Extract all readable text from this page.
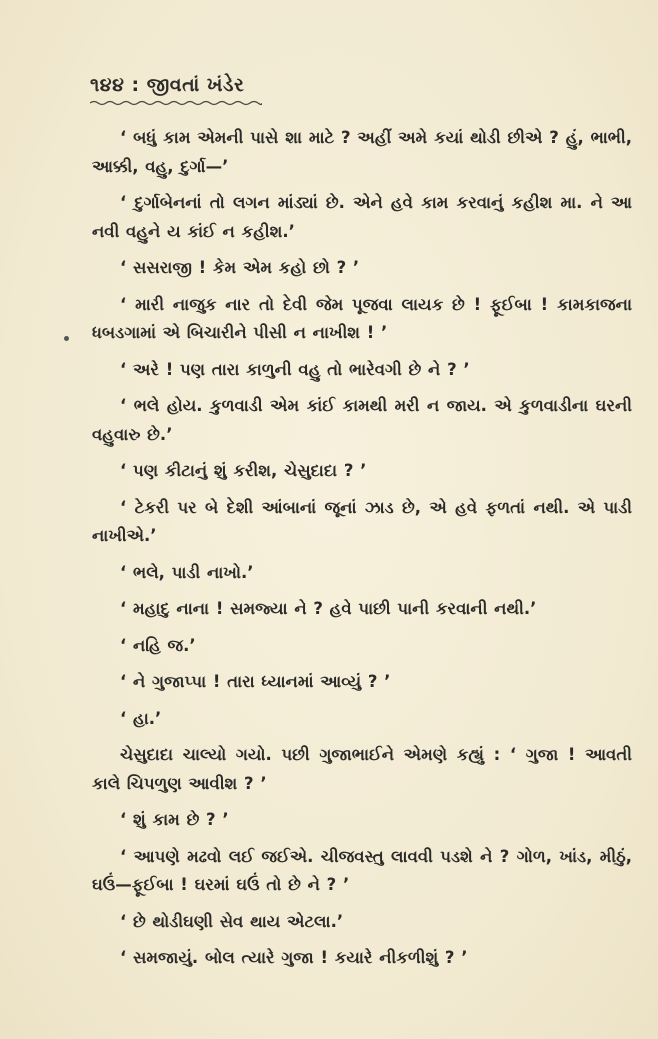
૧૪૪ : જીવતાં ખંડેર

‘ બધું કામ એમની પાસે શા માટે ? અહીં અમે કયાં થોડી છીએ ? હું, ભાભી, આક્કી, વહુ, દુર્ગા—’

‘ દુર્ગાબેનનાં તો લગન માંડ્યાં છે. એને હવે કામ કરવાનું કહીશ મા. ને આ નવી વહુને ય કાંઈ ન કહીશ.’

‘ સસરાજી ! કેમ એમ કહો છો ? ’

‘ મારી નાજુક નાર તો દેવી જેમ પૂજવા લાયક છે ! ફૂઈબા ! કામકાજના ધબડગામાં એ બિચારીને પીસી ન નાખીશ ! ’

‘ અરે ! પણ તારા કાળુની વહુ તો ભારેવગી છે ને ? ’

‘ ભલે હોય. કુળવાડી એમ કાંઈ કામથી મરી ન જાય. એ કુળવાડીના ઘરની વહુવારુ છે.’

‘ પણ કીટાનું શું કરીશ, ચેસુદાદા ? ’

‘ ટેકરી પર બે દેશી આંબાનાં જૂનાં ઝાડ છે, એ હવે ફળતાં નથી. એ પાડી નાખીએ.’

‘ ભલે, પાડી નાખો.’

‘ મહાદુ નાના ! સમજ્યા ને ? હવે પાછી પાની કરવાની નથી.’

‘ નહિ જ.’

‘ ને ગુજાપ્પા ! તારા ધ્યાનમાં આવ્યું ? ’

‘ હા.’

ચેસુદાદા ચાલ્યો ગયો. પછી ગુજાભાઈને એમણે કહ્યું : ‘ ગુજા ! આવતી કાલે ચિપળુણ આવીશ ? ’

‘ શું કામ છે ? ’

‘ આપણે મઢવો લઈ જઈએ. ચીજવસ્તુ લાવવી પડશે ને ? ગોળ, ખાંડ, મીઠું, ઘઉં—ફૂઈબા ! ઘરમાં ઘઉં તો છે ને ? ’

‘ છે થોડીઘણી સેવ થાય એટલા.’

‘ સમજાયું. બોલ ત્યારે ગુજા ! કયારે નીકળીશું ? ’
